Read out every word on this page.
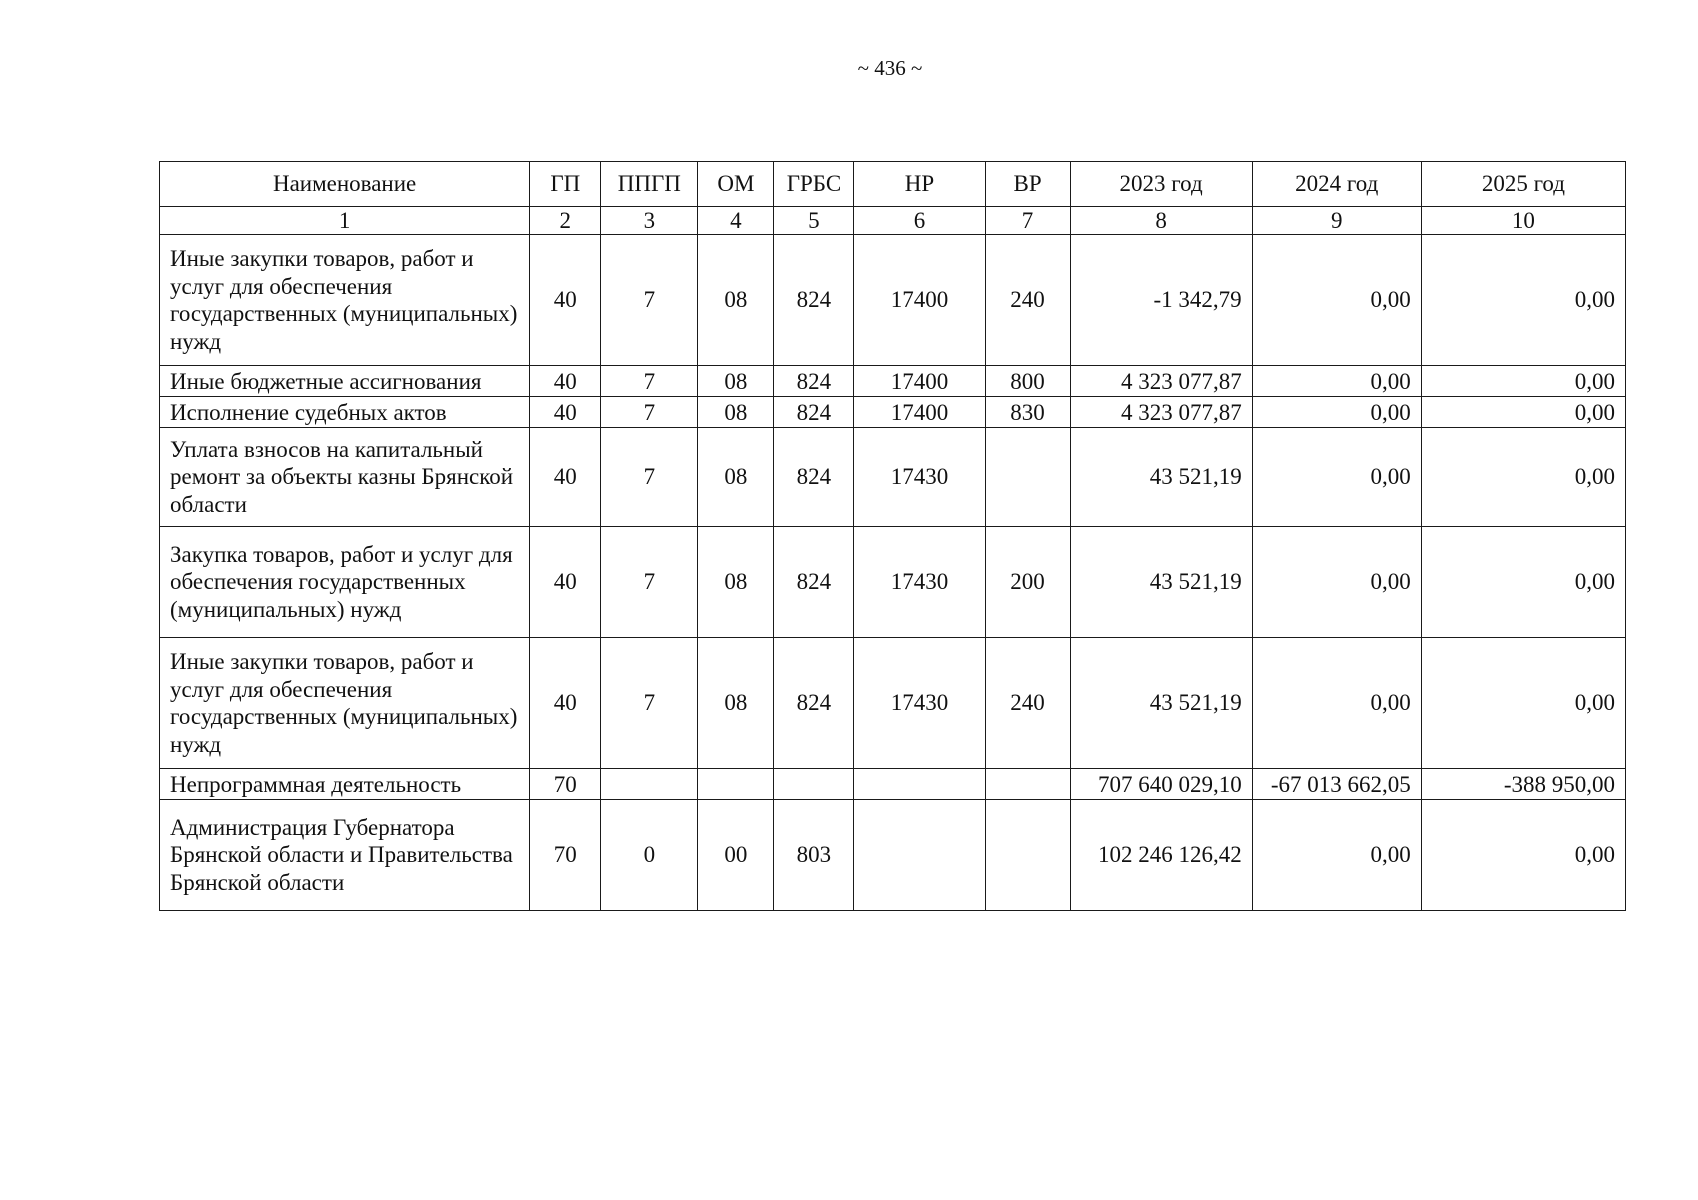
~ 436 ~
Наименование	ГП	ППГП	ОМ	ГРБС	НР	ВР	2023 год	2024 год	2025 год
1	2	3	4	5	6	7	8	9	10
Иные закупки товаров, работ и услуг для обеспечения государственных (муниципальных) нужд	40	7	08	824	17400	240	-1 342,79	0,00	0,00
Иные бюджетные ассигнования	40	7	08	824	17400	800	4 323 077,87	0,00	0,00
Исполнение судебных актов	40	7	08	824	17400	830	4 323 077,87	0,00	0,00
Уплата взносов на капитальный ремонт за объекты казны Брянской области	40	7	08	824	17430		43 521,19	0,00	0,00
Закупка товаров, работ и услуг для обеспечения государственных (муниципальных) нужд	40	7	08	824	17430	200	43 521,19	0,00	0,00
Иные закупки товаров, работ и услуг для обеспечения государственных (муниципальных) нужд	40	7	08	824	17430	240	43 521,19	0,00	0,00
Непрограммная деятельность	70						707 640 029,10	-67 013 662,05	-388 950,00
Администрация Губернатора Брянской области и Правительства Брянской области	70	0	00	803			102 246 126,42	0,00	0,00
